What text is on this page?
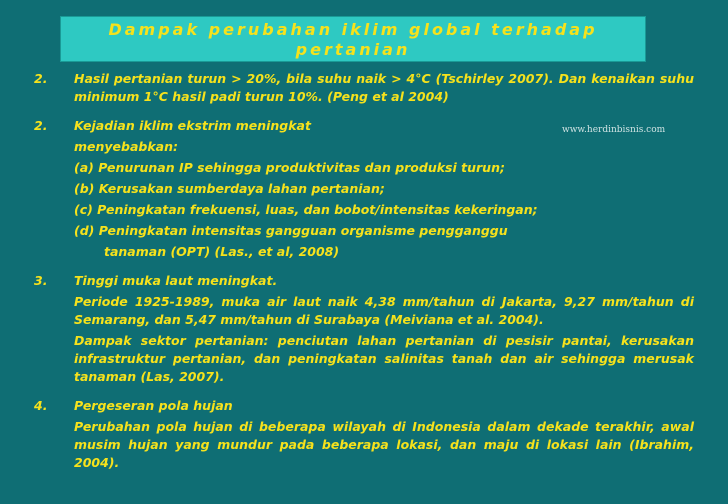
Dampak perubahan iklim global terhadap pertanian
www.herdinbisnis.com
2.	Hasil pertanian turun > 20%, bila suhu naik > 4°C (Tschirley 2007). Dan kenaikan suhu minimum 1°C hasil padi turun 10%. (Peng et al 2004)
2.	Kejadian iklim ekstrim meningkat
menyebabkan:
(a) Penurunan IP sehingga produktivitas dan produksi turun;
(b) Kerusakan sumberdaya lahan pertanian;
(c) Peningkatan frekuensi, luas, dan bobot/intensitas kekeringan;
(d) Peningkatan intensitas gangguan organisme pengganggu
tanaman (OPT) (Las., et al, 2008)
3.	Tinggi muka laut meningkat.
Periode 1925-1989, muka air laut naik 4,38 mm/tahun di Jakarta, 9,27 mm/tahun di Semarang, dan 5,47 mm/tahun di Surabaya (Meiviana et al. 2004).
Dampak sektor pertanian: penciutan lahan pertanian di pesisir pantai, kerusakan infrastruktur pertanian, dan peningkatan salinitas tanah dan air sehingga merusak tanaman (Las, 2007).
4.	Pergeseran pola hujan
Perubahan pola hujan di beberapa wilayah di Indonesia dalam dekade terakhir, awal musim hujan yang mundur pada beberapa lokasi, dan maju di lokasi lain (Ibrahim, 2004).
